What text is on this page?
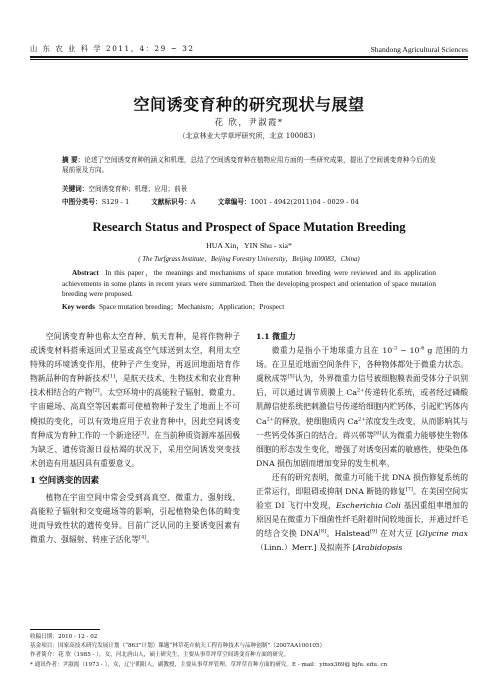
山 东 农 业 科 学 2011，4：29 ~ 32	Shandong Agricultural Sciences
空间诱变育种的研究现状与展望
花 欣，尹淑霞*
（北京林业大学草坪研究所，北京 100083）
摘 要：论述了空间诱变育种的涵义和机理，总结了空间诱变育种在植物应用方面的一些研究成果，提出了空间诱变育种今后的发展前景及方向。
关键词：空间诱变育种；机理；应用；前景
中图分类号：S129 - 1	文献标识号：A	文章编号：1001 - 4942(2011)04 - 0029 - 04
Research Status and Prospect of Space Mutation Breeding
HUA Xin，YIN Shu - xia*
( The Turfgrass Institute，Beijing Forestry University，Beijing 100083，China)
Abstract In this paper，the meanings and mechanisms of space mutation breeding were reviewed and its application achievements in some plants in recent years were summarized. Then the developing prospect and orientation of space mutation breeding were proposed.
Key words Space mutation breeding；Mechanism；Application；Prospect

空间诱变育种也称太空育种、航天育种，是将作物种子或诱变材料搭乘返回式卫星或高空气球送到太空，利用太空特殊的环境诱变作用，使种子产生变异，再返回地面培育作物新品种的育种新技术[1]，是航天技术、生物技术和农业育种技术相结合的产物[2]。太空环境中的高能粒子辐射、微重力、宇宙磁场、高真空等因素都可使植物种子发生了地面上不可模拟的变化，可以有效地应用于农业育种中，因此空间诱变育种成为育种工作的一个新途径[3]。在当前种质资源库基因极为缺乏、遗传资源日益枯竭的状况下，采用空间诱发突变技术创造有用基因具有重要意义。

1 空间诱变的因素

植物在宇宙空间中常会受到高真空、微重力、强射线、高能粒子辐射和交变磁场等的影响，引起植物染色体的畸变进而导致性状的遗传变异。目前广泛认同的主要诱变因素有微重力、强辐射、转座子活化等[4]。

1.1 微重力

微重力是指小于地球重力且在 $10^{-3}$ ~ $10^{-6}$ g 范围的力场。在卫星近地面空间条件下，各种物体都处于微重力状态。虞秋成等[5]认为，外界微重力信号被细胞膜表面受体分子识别后，可以通过调节质膜上 $Ca^{2+}$传递转化系统，或者经过磷酸肌醇信使系统把刺激信号传递给细胞内贮钙体，引起贮钙体内 $Ca^{2+}$的释放，使细胞质内 $Ca^{2+}$浓度发生改变，从而影响其与一些钙受体蛋白的结合。蒋兴邨等[6]认为微重力能够使生物体细胞的形态发生变化，增强了对诱变因素的敏感性，使染色体 DNA 损伤加剧而增加变异的发生机率。

还有的研究表明，微重力可能干扰 DNA 损伤修复系统的正常运行，即阻碍或抑制 DNA 断链的修复[7]。在美国空间实验室 DⅠ 飞行中发现，Escherichia Coli 基因重组率增加的原因是在微重力下细菌性纤毛附着时间较地面长，并通过纤毛的结合交换 DNA[8]。Halstead[9] 在对大豆 [Glycine max（Linn.）Merr.] 及拟南芥 [Arabidopsis

收稿日期：2010 - 12 - 02
基金项目：国家高技术研究发展计划（“863”计划）课题“林草花卉航天工程育种技术与品种创制”（2007AA100105）
作者简介：花 欣（1985 - ），女，河北唐山人，硕士研究生，主要从事草坪草空间诱变育种方面的研究。
* 通讯作者：尹淑霞（1973 - ），女，辽宁朝阳人，副教授，主要从事草坪管理、草坪草育种方面的研究。E - mail：yinsx369@ bjfu. edu. cn
